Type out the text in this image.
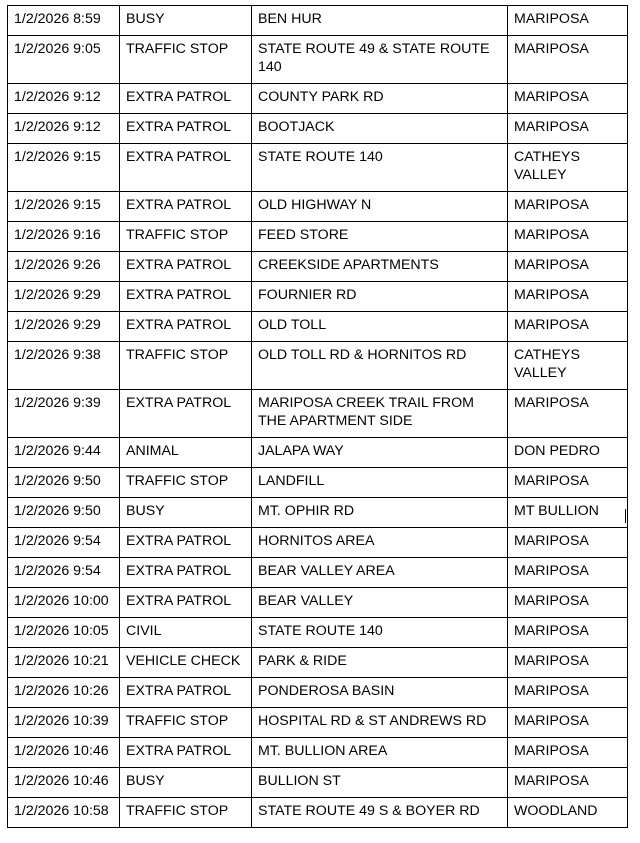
1/2/2026 8:59	BUSY	BEN HUR	MARIPOSA
1/2/2026 9:05	TRAFFIC STOP	STATE ROUTE 49 & STATE ROUTE 140	MARIPOSA
1/2/2026 9:12	EXTRA PATROL	COUNTY PARK RD	MARIPOSA
1/2/2026 9:12	EXTRA PATROL	BOOTJACK	MARIPOSA
1/2/2026 9:15	EXTRA PATROL	STATE ROUTE 140	CATHEYS VALLEY
1/2/2026 9:15	EXTRA PATROL	OLD HIGHWAY N	MARIPOSA
1/2/2026 9:16	TRAFFIC STOP	FEED STORE	MARIPOSA
1/2/2026 9:26	EXTRA PATROL	CREEKSIDE APARTMENTS	MARIPOSA
1/2/2026 9:29	EXTRA PATROL	FOURNIER RD	MARIPOSA
1/2/2026 9:29	EXTRA PATROL	OLD TOLL	MARIPOSA
1/2/2026 9:38	TRAFFIC STOP	OLD TOLL RD & HORNITOS RD	CATHEYS VALLEY
1/2/2026 9:39	EXTRA PATROL	MARIPOSA CREEK TRAIL FROM THE APARTMENT SIDE	MARIPOSA
1/2/2026 9:44	ANIMAL	JALAPA WAY	DON PEDRO
1/2/2026 9:50	TRAFFIC STOP	LANDFILL	MARIPOSA
1/2/2026 9:50	BUSY	MT. OPHIR RD	MT BULLION
1/2/2026 9:54	EXTRA PATROL	HORNITOS AREA	MARIPOSA
1/2/2026 9:54	EXTRA PATROL	BEAR VALLEY AREA	MARIPOSA
1/2/2026 10:00	EXTRA PATROL	BEAR VALLEY	MARIPOSA
1/2/2026 10:05	CIVIL	STATE ROUTE 140	MARIPOSA
1/2/2026 10:21	VEHICLE CHECK	PARK & RIDE	MARIPOSA
1/2/2026 10:26	EXTRA PATROL	PONDEROSA BASIN	MARIPOSA
1/2/2026 10:39	TRAFFIC STOP	HOSPITAL RD & ST ANDREWS RD	MARIPOSA
1/2/2026 10:46	EXTRA PATROL	MT. BULLION AREA	MARIPOSA
1/2/2026 10:46	BUSY	BULLION ST	MARIPOSA
1/2/2026 10:58	TRAFFIC STOP	STATE ROUTE 49 S & BOYER RD	WOODLAND
